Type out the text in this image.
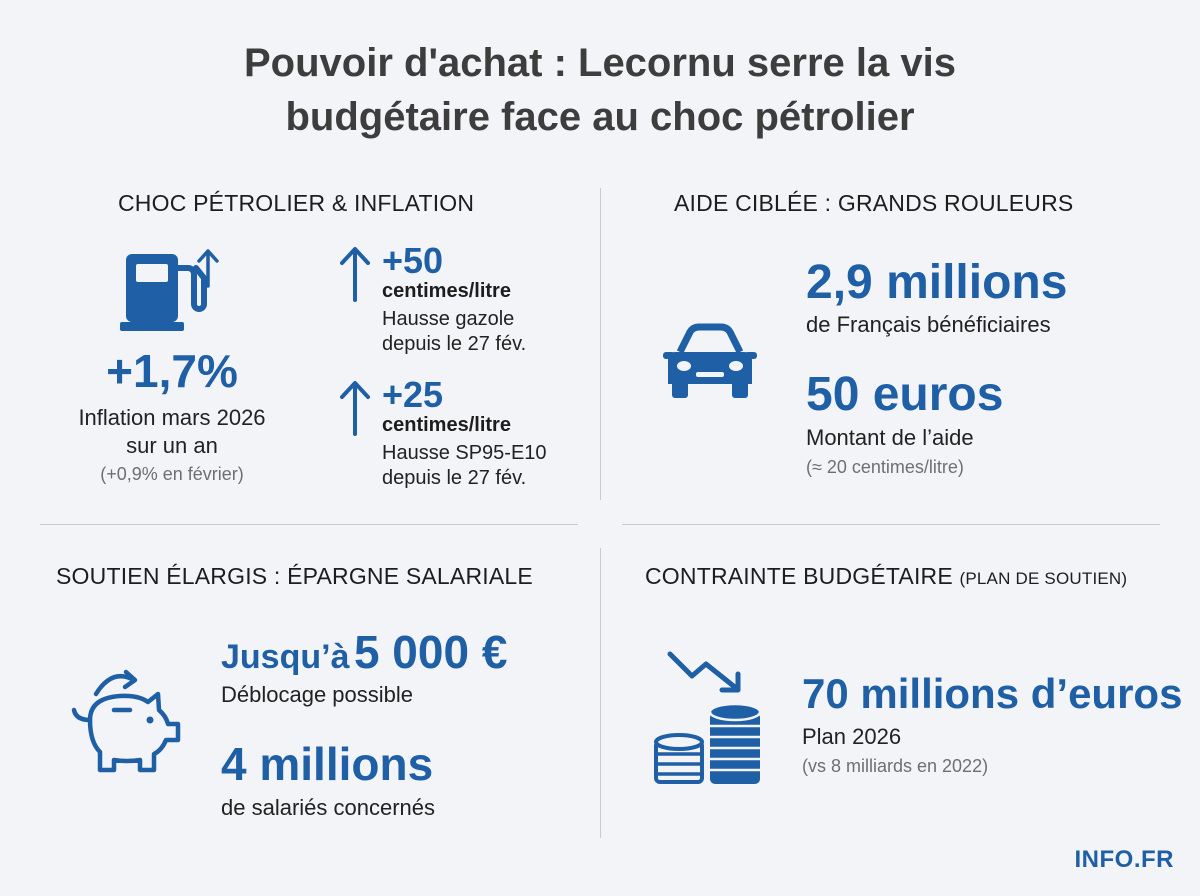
Pouvoir d'achat : Lecornu serre la vis
budgétaire face au choc pétrolier
CHOC PÉTROLIER & INFLATION
+1,7%
Inflation mars 2026
sur un an
(+0,9% en février)
+50
centimes/litre
Hausse gazole
depuis le 27 fév.
+25
centimes/litre
Hausse SP95-E10
depuis le 27 fév.
AIDE CIBLÉE : GRANDS ROULEURS
2,9 millions
de Français bénéficiaires
50 euros
Montant de l’aide
(≈ 20 centimes/litre)
SOUTIEN ÉLARGIS : ÉPARGNE SALARIALE
Jusqu’à 5 000 €
Déblocage possible
4 millions
de salariés concernés
CONTRAINTE BUDGÉTAIRE (PLAN DE SOUTIEN)
70 millions d’euros
Plan 2026
(vs 8 milliards en 2022)
INFO.FR
